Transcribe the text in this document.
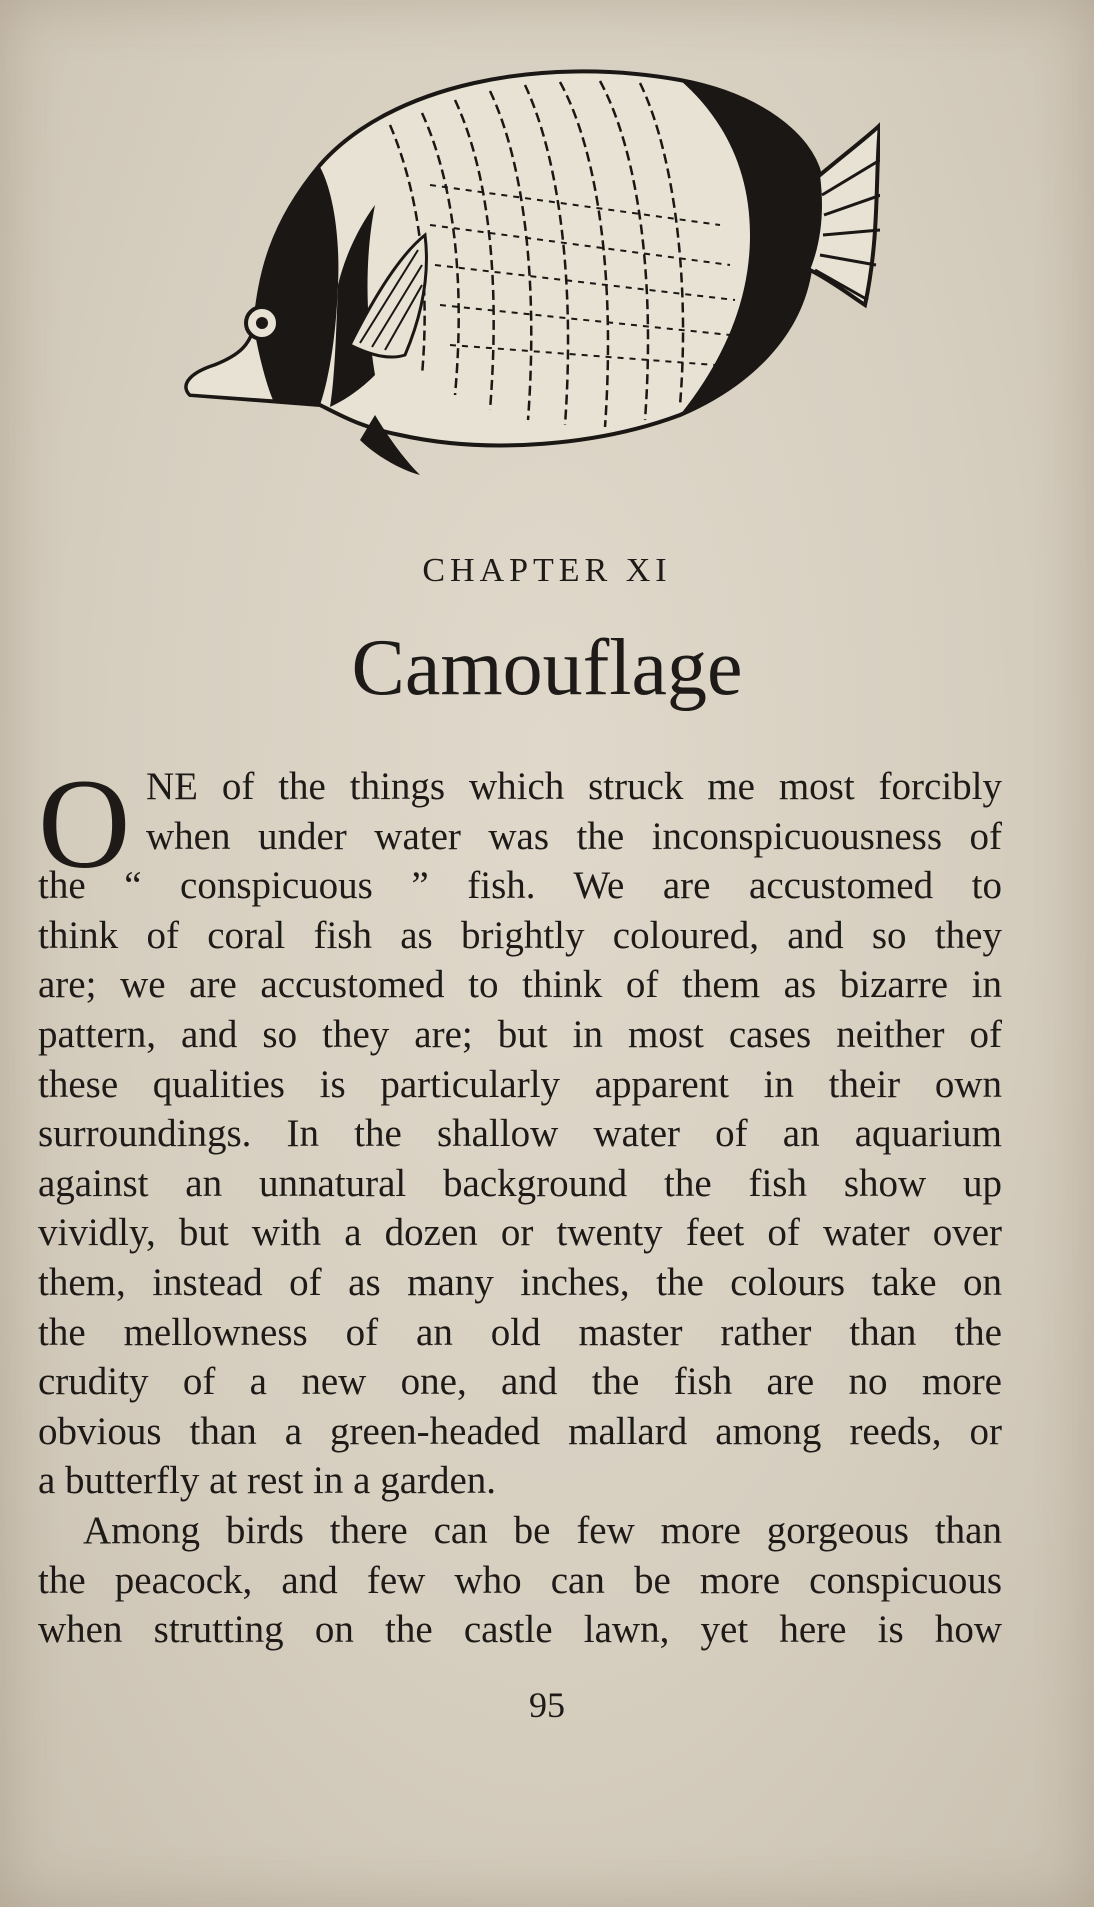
CHAPTER XI
Camouflage
O NE of the things which struck me most forcibly
when under water was the inconspicuousness of
the “ conspicuous ” fish. We are accustomed to
think of coral fish as brightly coloured, and so they
are; we are accustomed to think of them as bizarre in
pattern, and so they are; but in most cases neither of
these qualities is particularly apparent in their own
surroundings. In the shallow water of an aquarium
against an unnatural background the fish show up
vividly, but with a dozen or twenty feet of water over
them, instead of as many inches, the colours take on
the mellowness of an old master rather than the
crudity of a new one, and the fish are no more
obvious than a green-headed mallard among reeds, or
a butterfly at rest in a garden.
Among birds there can be few more gorgeous than
the peacock, and few who can be more conspicuous
when strutting on the castle lawn, yet here is how
95
